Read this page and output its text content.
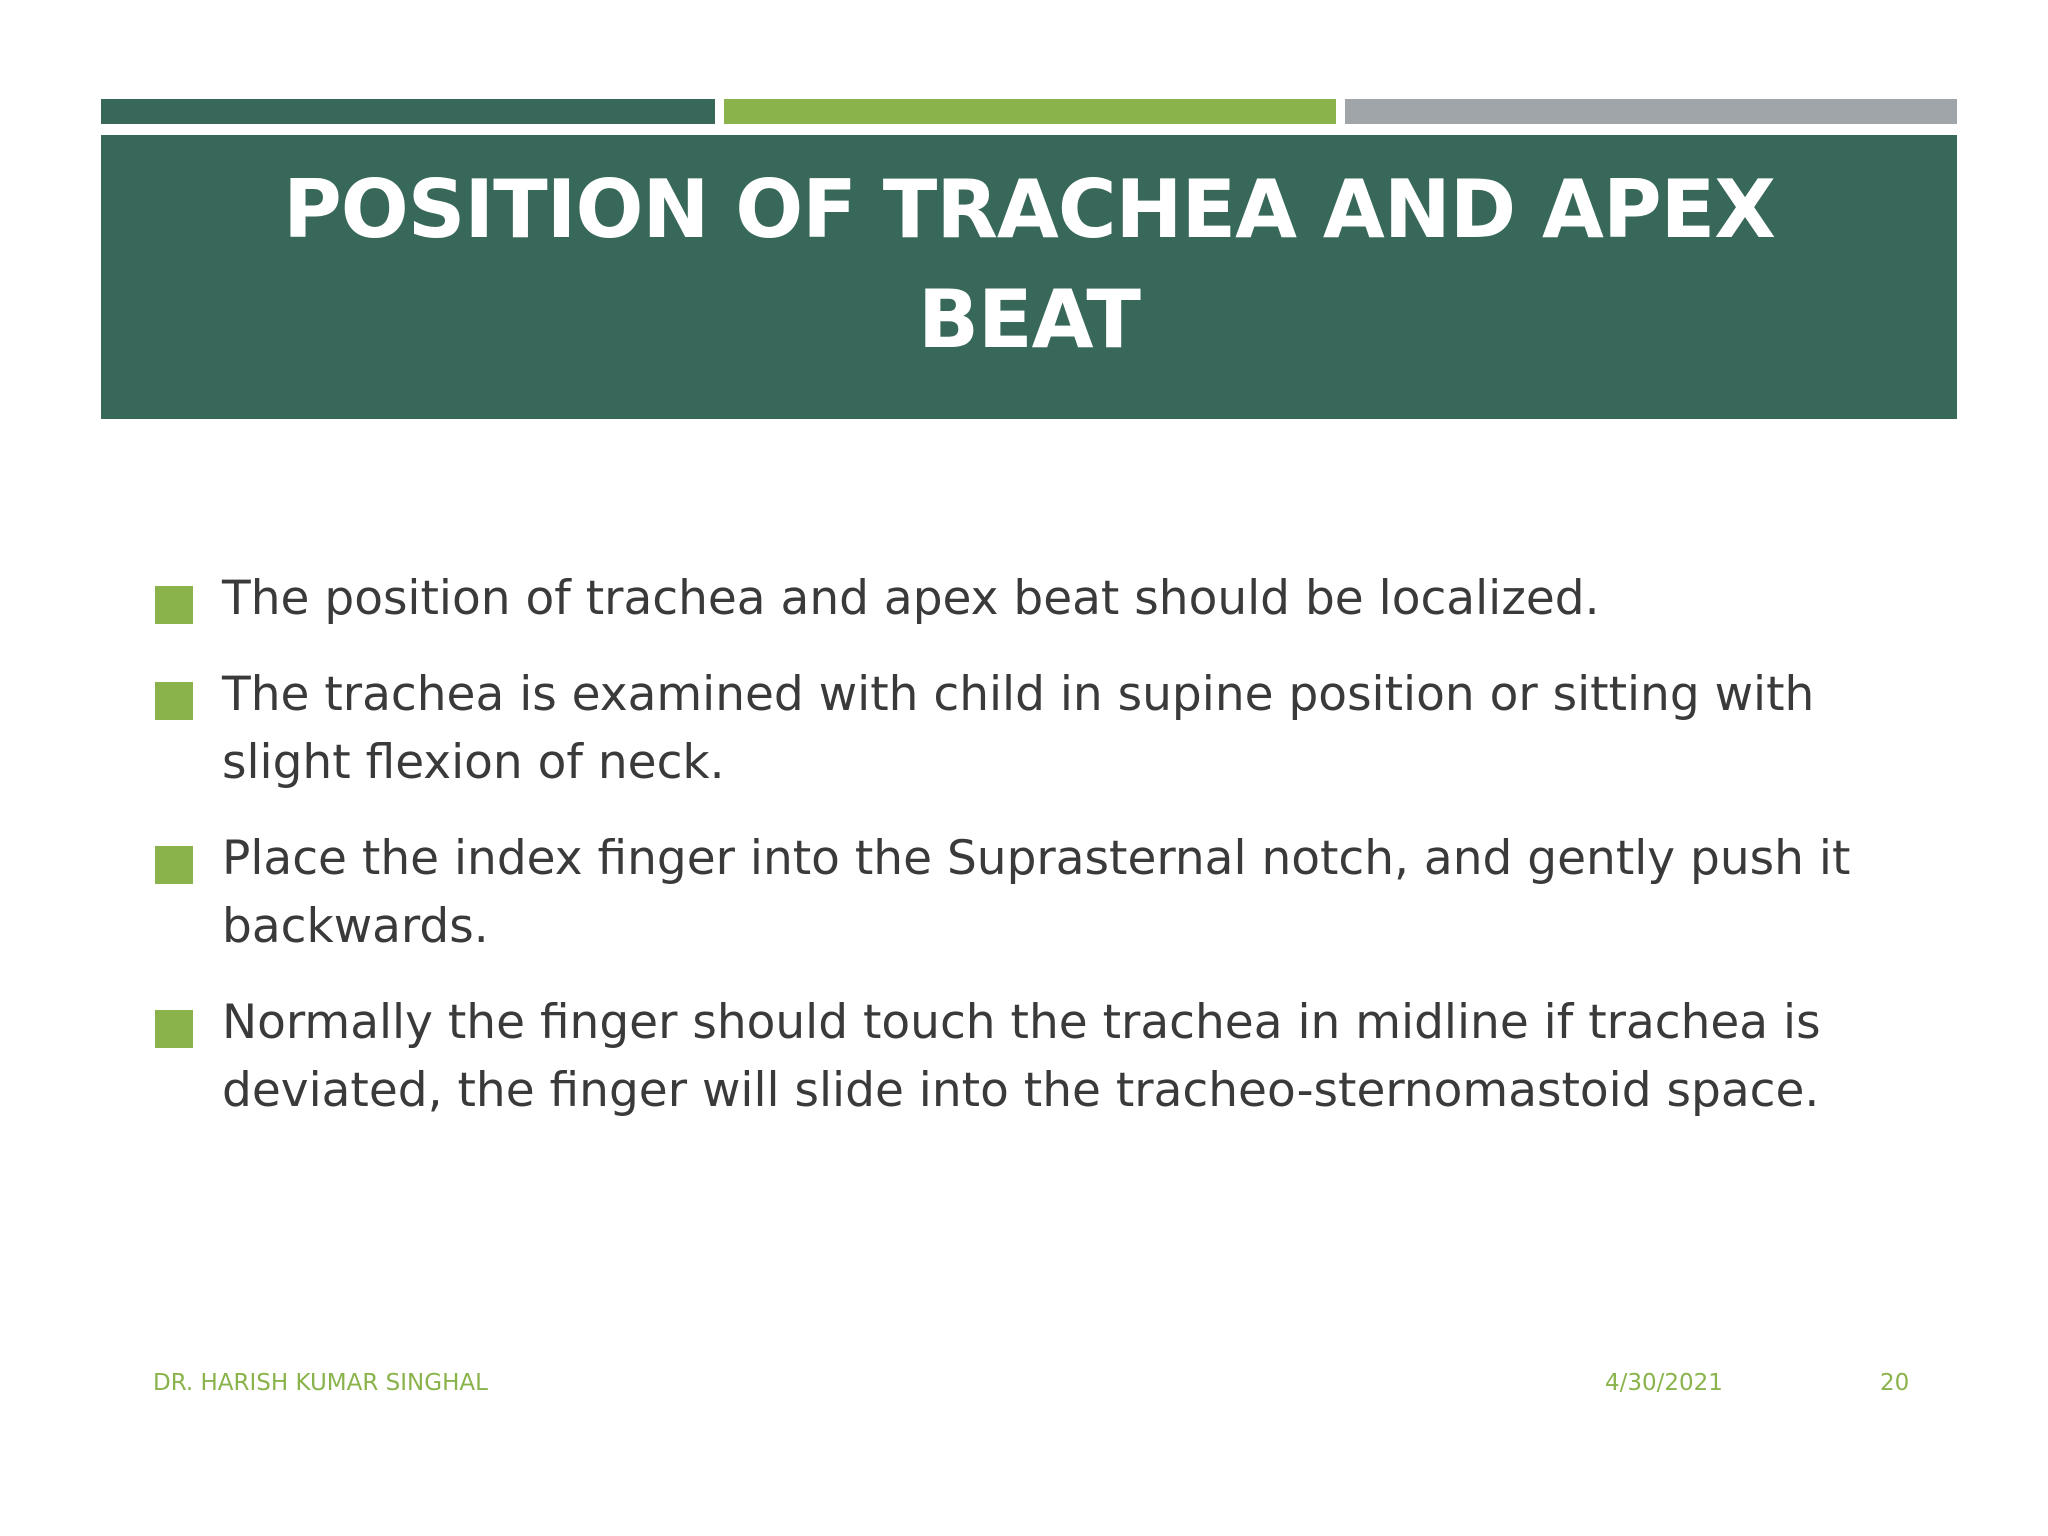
POSITION OF TRACHEA AND APEX BEAT
The position of trachea and apex beat should be localized.
The trachea is examined with child in supine position or sitting with slight flexion of neck.
Place the index finger into the Suprasternal notch, and gently push it backwards.
Normally the finger should touch the trachea in midline if trachea is deviated, the finger will slide into the tracheo-sternomastoid space.
DR. HARISH KUMAR SINGHAL	4/30/2021	20
